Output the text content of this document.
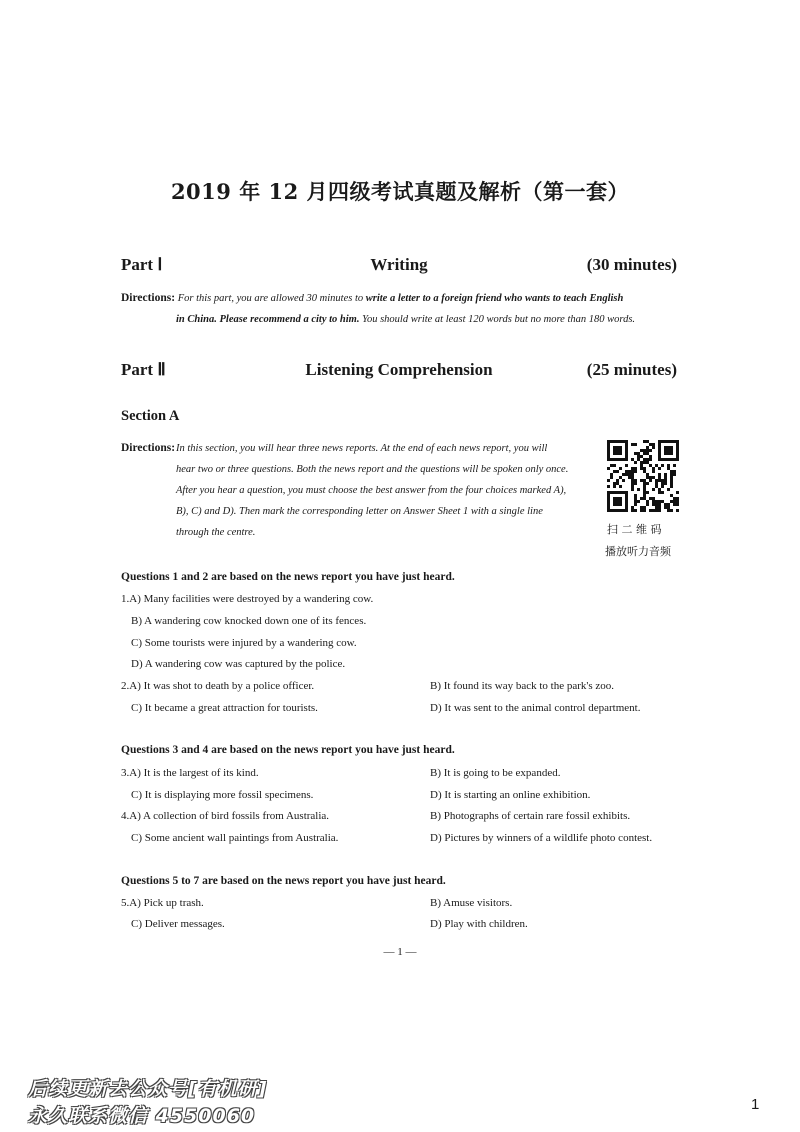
2019 年 12 月四级考试真题及解析（第一套）
Writing
Part Ⅰ	(30 minutes)
Directions: For this part, you are allowed 30 minutes to write a letter to a foreign friend who wants to teach English
in China. Please recommend a city to him. You should write at least 120 words but no more than 180 words.
Listening Comprehension
Part Ⅱ	(25 minutes)
Section A
Directions: In this section, you will hear three news reports. At the end of each news report, you will
hear two or three questions. Both the news report and the questions will be spoken only once.
After you hear a question, you must choose the best answer from the four choices marked A),
B), C) and D). Then mark the corresponding letter on Answer Sheet 1 with a single line
through the centre.	扫 二 维 码
播放听力音频
Questions 1 and 2 are based on the news report you have just heard.
1.A) Many facilities were destroyed by a wandering cow.
B) A wandering cow knocked down one of its fences.
C) Some tourists were injured by a wandering cow.
D) A wandering cow was captured by the police.
2.A) It was shot to death by a police officer.	B) It found its way back to the park's zoo.
C) It became a great attraction for tourists.	D) It was sent to the animal control department.
Questions 3 and 4 are based on the news report you have just heard.
3.A) It is the largest of its kind.	B) It is going to be expanded.
C) It is displaying more fossil specimens.	D) It is starting an online exhibition.
4.A) A collection of bird fossils from Australia.	B) Photographs of certain rare fossil exhibits.
C) Some ancient wall paintings from Australia.	D) Pictures by winners of a wildlife photo contest.
Questions 5 to 7 are based on the news report you have just heard.
5.A) Pick up trash.	B) Amuse visitors.
C) Deliver messages.	D) Play with children.
— 1 —
后续更新去公众号[有机研]
永久联系微信 4550060
1
